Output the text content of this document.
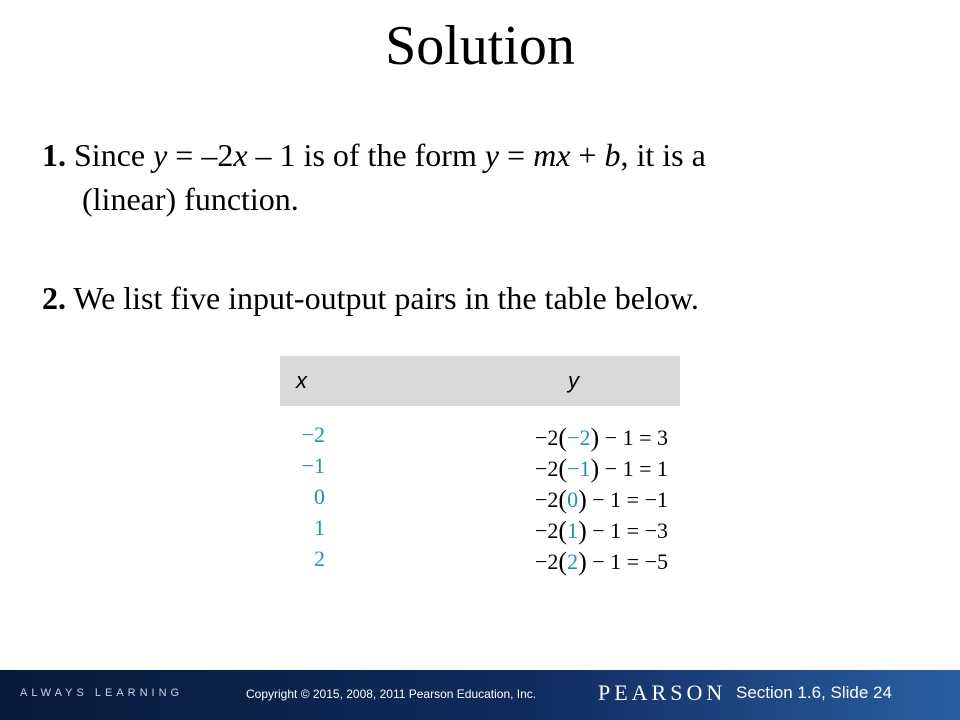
Solution
1. Since y = –2x – 1 is of the form y = mx + b, it is a
(linear) function.
2. We list five input-output pairs in the table below.
x	y
−2	−2(−2) − 1 = 3
−1	−2(−1) − 1 = 1
0	−2(0) − 1 = −1
1	−2(1) − 1 = −3
2	−2(2) − 1 = −5
ALWAYS LEARNING	Copyright © 2015, 2008, 2011 Pearson Education, Inc.	PEARSON Section 1.6, Slide 24
